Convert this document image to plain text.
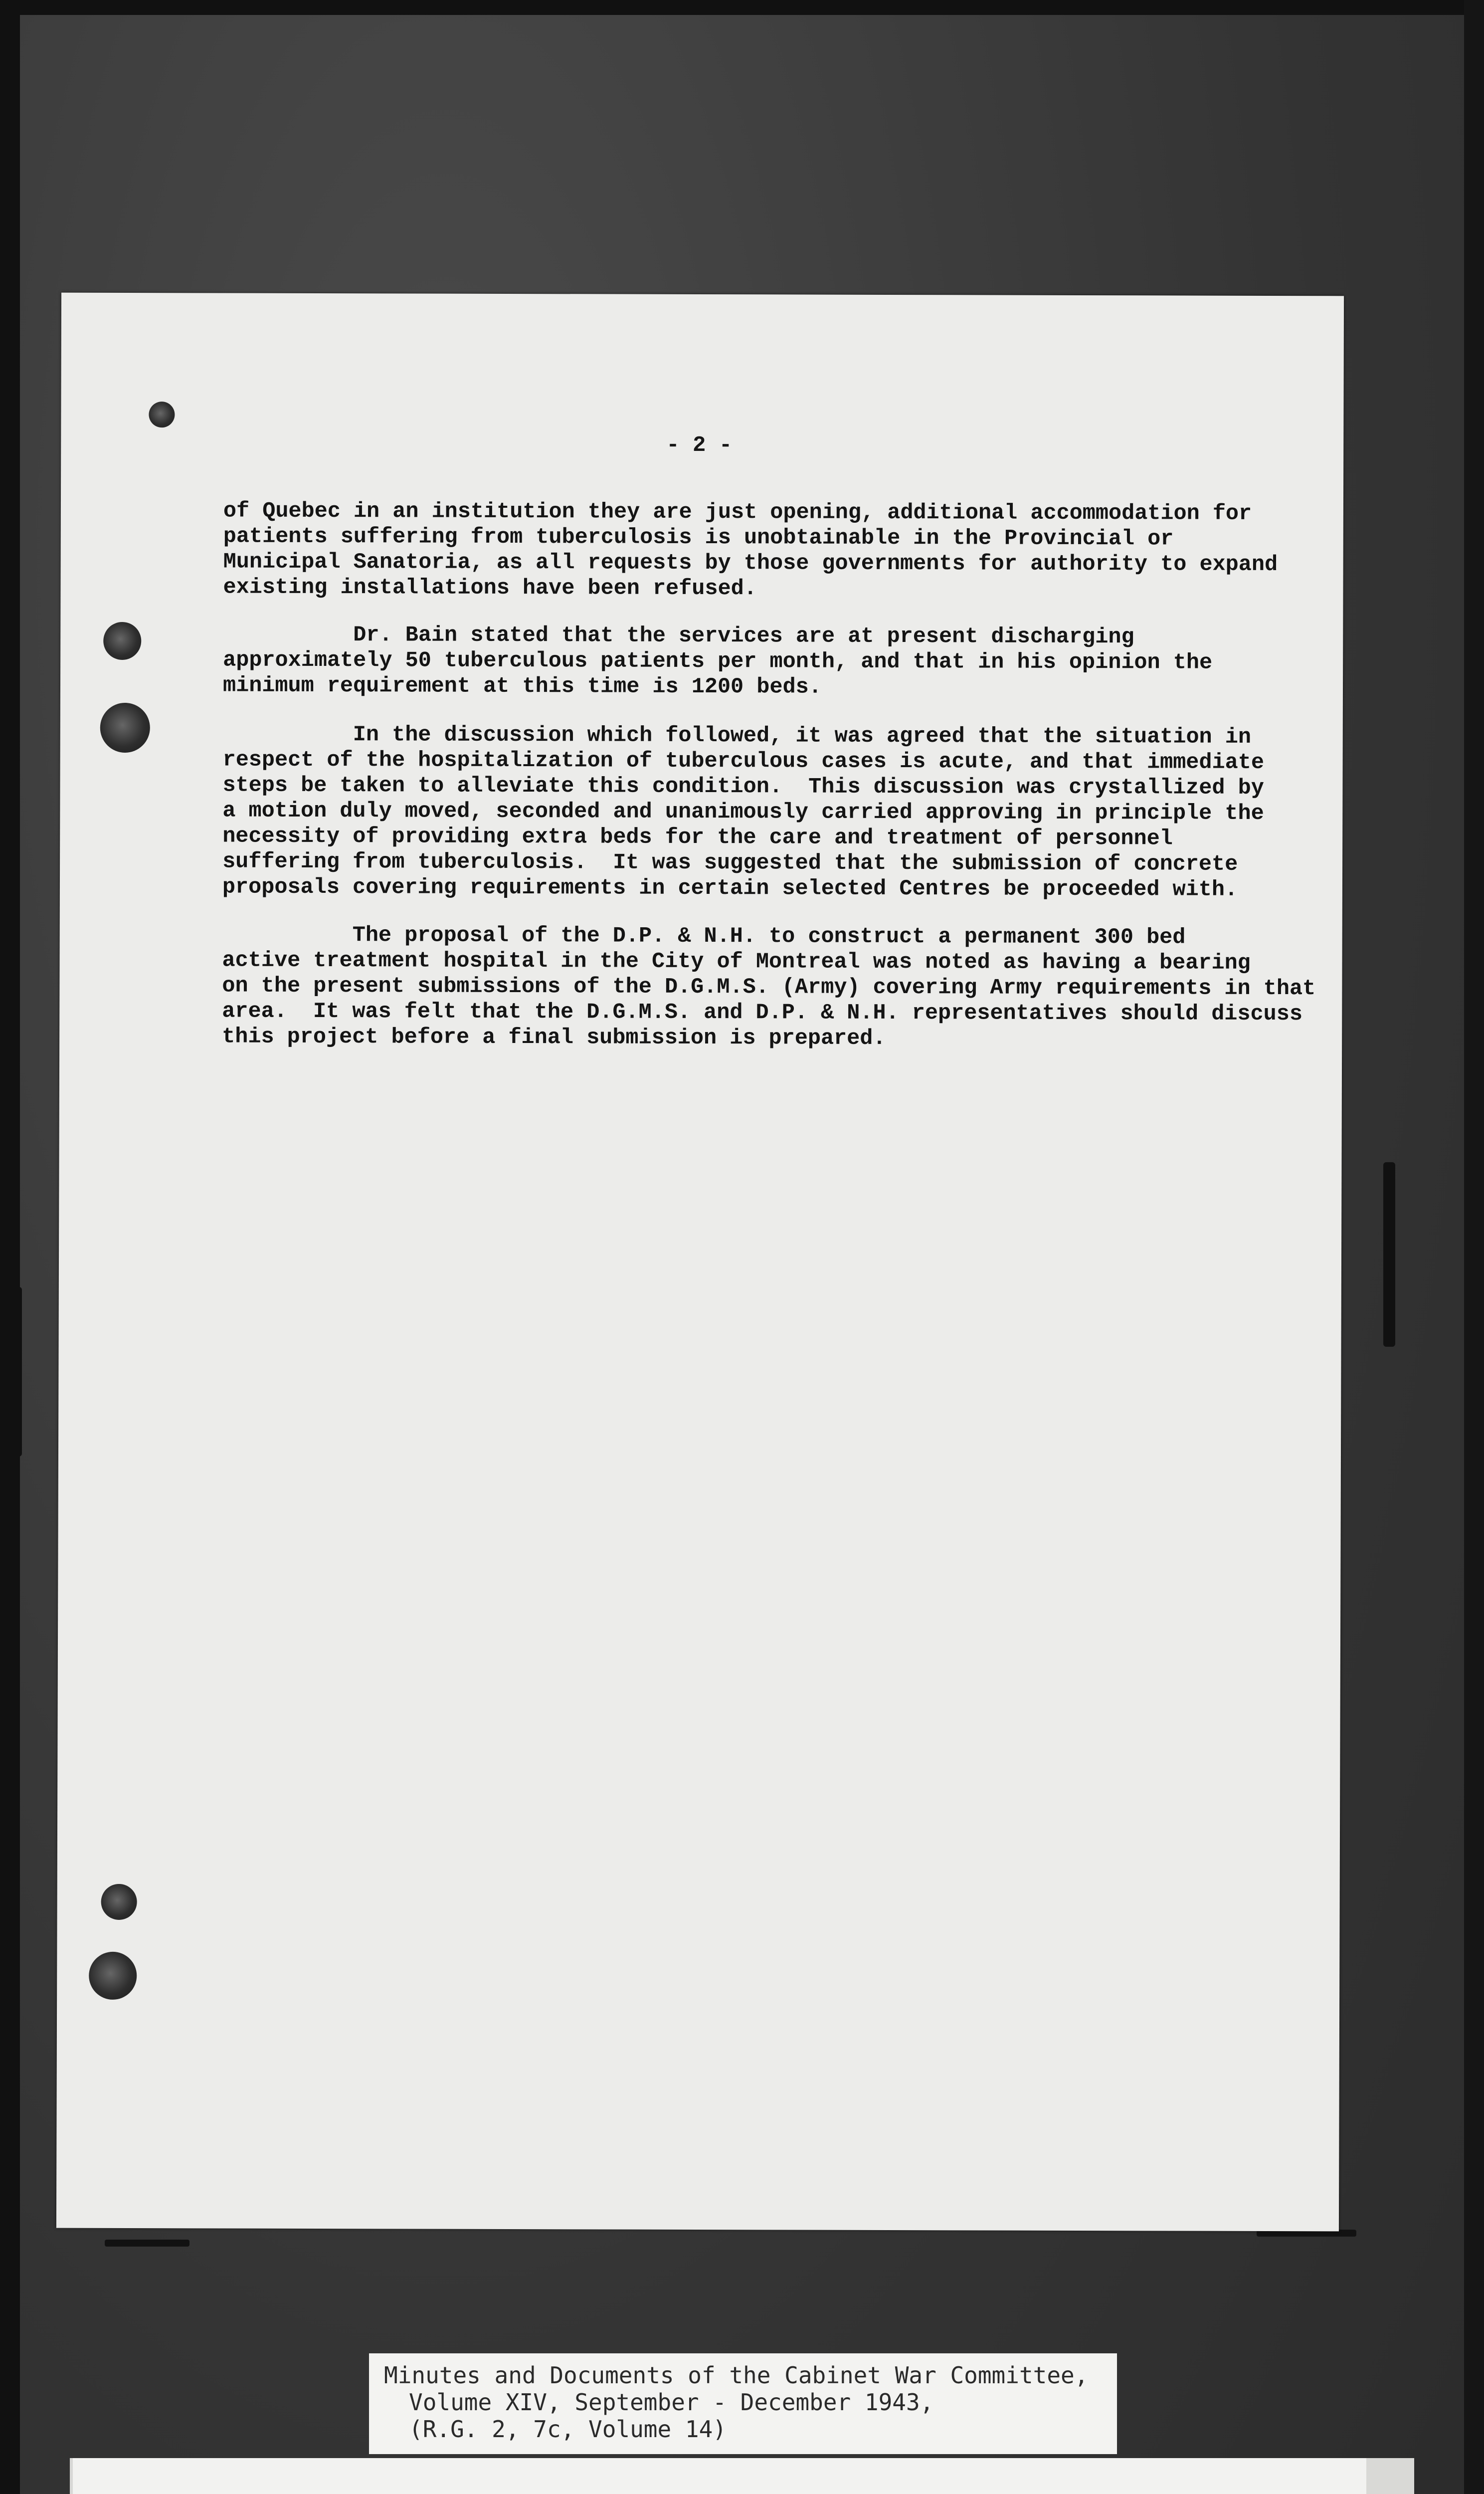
- 2 -
of Quebec in an institution they are just opening, additional accommodation for
patients suffering from tuberculosis is unobtainable in the Provincial or
Municipal Sanatoria, as all requests by those governments for authority to expand
existing installations have been refused.
Dr. Bain stated that the services are at present discharging
approximately 50 tuberculous patients per month, and that in his opinion the
minimum requirement at this time is 1200 beds.
In the discussion which followed, it was agreed that the situation in
respect of the hospitalization of tuberculous cases is acute, and that immediate
steps be taken to alleviate this condition.  This discussion was crystallized by
a motion duly moved, seconded and unanimously carried approving in principle the
necessity of providing extra beds for the care and treatment of personnel
suffering from tuberculosis.  It was suggested that the submission of concrete
proposals covering requirements in certain selected Centres be proceeded with.
The proposal of the D.P. & N.H. to construct a permanent 300 bed
active treatment hospital in the City of Montreal was noted as having a bearing
on the present submissions of the D.G.M.S. (Army) covering Army requirements in that
area.  It was felt that the D.G.M.S. and D.P. & N.H. representatives should discuss
this project before a final submission is prepared.

Minutes and Documents of the Cabinet War Committee,

Volume XIV, September - December 1943,

(R.G. 2, 7c, Volume 14)
